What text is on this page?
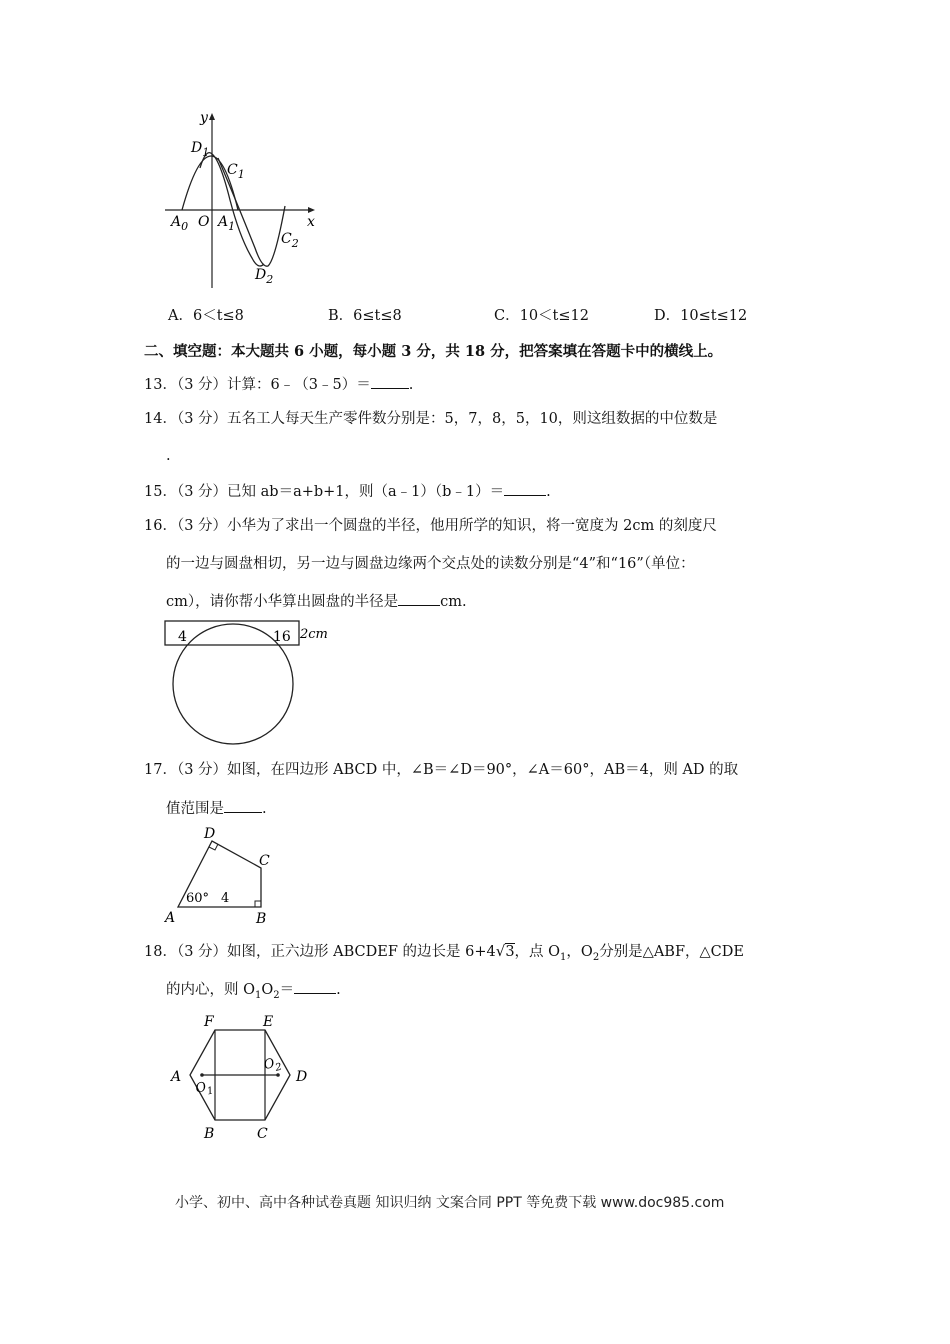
y
x
O
$D_1$
$C_1$
$A_0$ $A_1$
$C_2$
$D_2$
A．6＜t≤8	B．6≤t≤8	C．10＜t≤12	D．10≤t≤12
二、填空题：本大题共 6 小题，每小题 3 分，共 18 分，把答案填在答题卡中的横线上。
13．（3 分）计算：6﹣（3﹣5）＝	.
14．（3 分）五名工人每天生产零件数分别是：5，7，8，5，10，则这组数据的中位数是
.
15．（3 分）已知 ab＝a+b+1，则（a﹣1）（b﹣1）＝	.
16．（3 分）小华为了求出一个圆盘的半径，他用所学的知识，将一宽度为 2cm 的刻度尺
的一边与圆盘相切，另一边与圆盘边缘两个交点处的读数分别是“4”和“16”（单位：
cm），请你帮小华算出圆盘的半径是	cm.
4	16 2cm
17．（3 分）如图，在四边形 ABCD 中，∠B＝∠D＝90°，∠A＝60°，AB＝4，则 AD 的取
值范围是	.
A	B
C
D
60° 4
18．（3 分）如图，正六边形 ABCDEF 的边长是 6+4√3，点 $O_1$，$O_2$分别是△ABF，△CDE
的内心，则 $O_1O_2=$	.
F	E
A	D
B	C
$O_1$
$O_2$
小学、初中、高中各种试卷真题 知识归纳 文案合同 PPT 等免费下载 www.doc985.com
